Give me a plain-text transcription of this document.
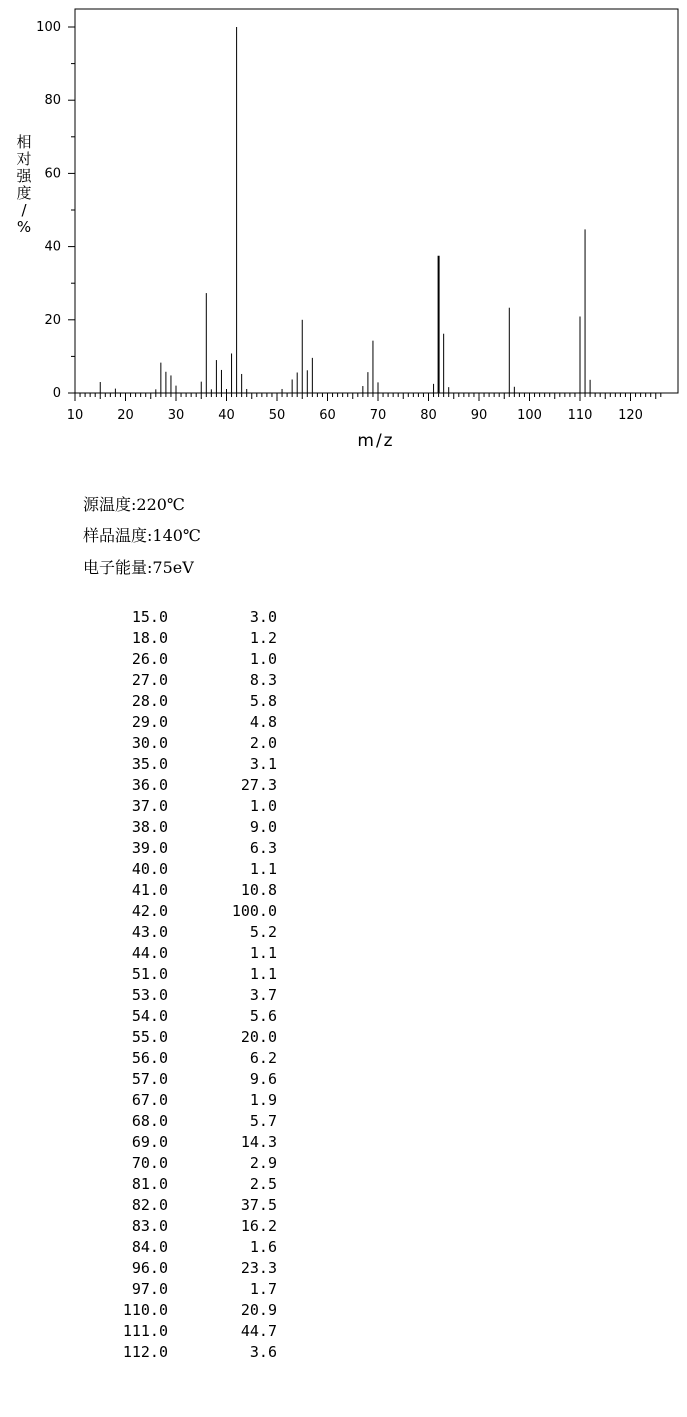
0
20
40
60
80
100
10	20	30	40	50	60	70	80	90 100 110 120
相
对
强
度
/
%
m/z
源温度:220℃
样品温度:140℃
电子能量:75eV
15.0	3.0
18.0	1.2
26.0	1.0
27.0	8.3
28.0	5.8
29.0	4.8
30.0	2.0
35.0	3.1
36.0	27.3
37.0	1.0
38.0	9.0
39.0	6.3
40.0	1.1
41.0	10.8
42.0	100.0
43.0	5.2
44.0	1.1
51.0	1.1
53.0	3.7
54.0	5.6
55.0	20.0
56.0	6.2
57.0	9.6
67.0	1.9
68.0	5.7
69.0	14.3
70.0	2.9
81.0	2.5
82.0	37.5
83.0	16.2
84.0	1.6
96.0	23.3
97.0	1.7
110.0	20.9
111.0	44.7
112.0	3.6
